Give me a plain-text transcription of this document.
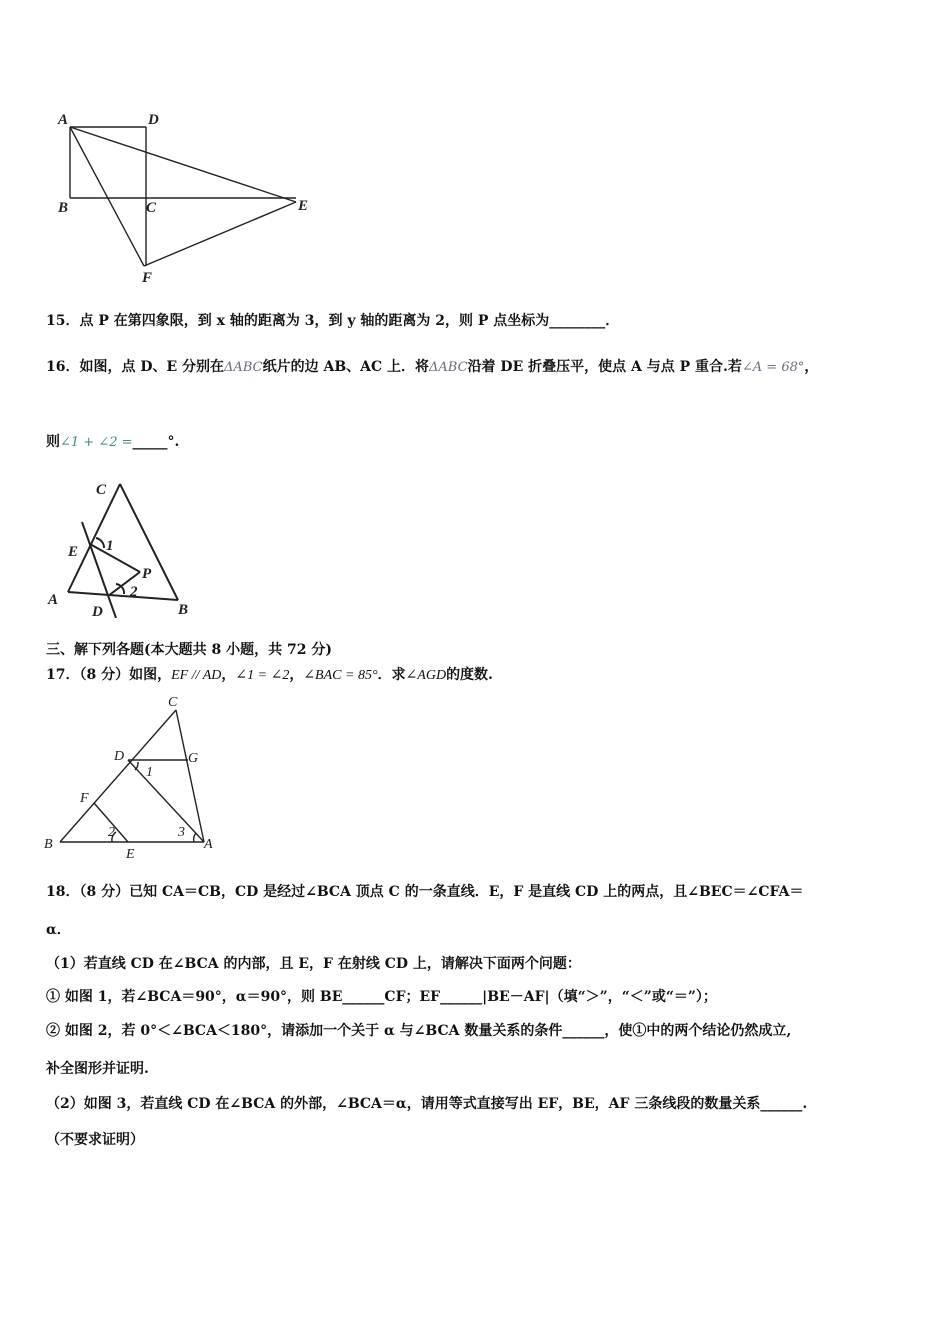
A	D
B	C	E
F
15．点 P 在第四象限，到 x 轴的距离为 3，到 y 轴的距离为 2，则 P 点坐标为________．
16．如图，点 D、E 分别在ΔABC纸片的边 AB、AC 上．将ΔABC沿着 DE 折叠压平，使点 A 与点 P 重合.若∠A = 68°，
则∠1 + ∠2 =_____°.
C
E 1
P
2
A
D	B
三、解下列各题(本大题共 8 小题，共 72 分)
17．（8 分）如图，EF // AD，∠1 = ∠2，∠BAC = 85°．求∠AGD的度数.
C
D	G
1
F
2	3
B
E
A
18．（8 分）已知 CA＝CB，CD 是经过∠BCA 顶点 C 的一条直线．E，F 是直线 CD 上的两点，且∠BEC＝∠CFA＝
α．
（1）若直线 CD 在∠BCA 的内部，且 E，F 在射线 CD 上，请解决下面两个问题：
① 如图 1，若∠BCA＝90°，α＝90°，则 BE______CF；EF______|BE－AF|（填“＞”，“＜”或“＝”）；
② 如图 2，若 0°＜∠BCA＜180°，请添加一个关于 α 与∠BCA 数量关系的条件______，使①中的两个结论仍然成立,
补全图形并证明.
（2）如图 3，若直线 CD 在∠BCA 的外部，∠BCA＝α，请用等式直接写出 EF，BE，AF 三条线段的数量关系______.
（不要求证明）
